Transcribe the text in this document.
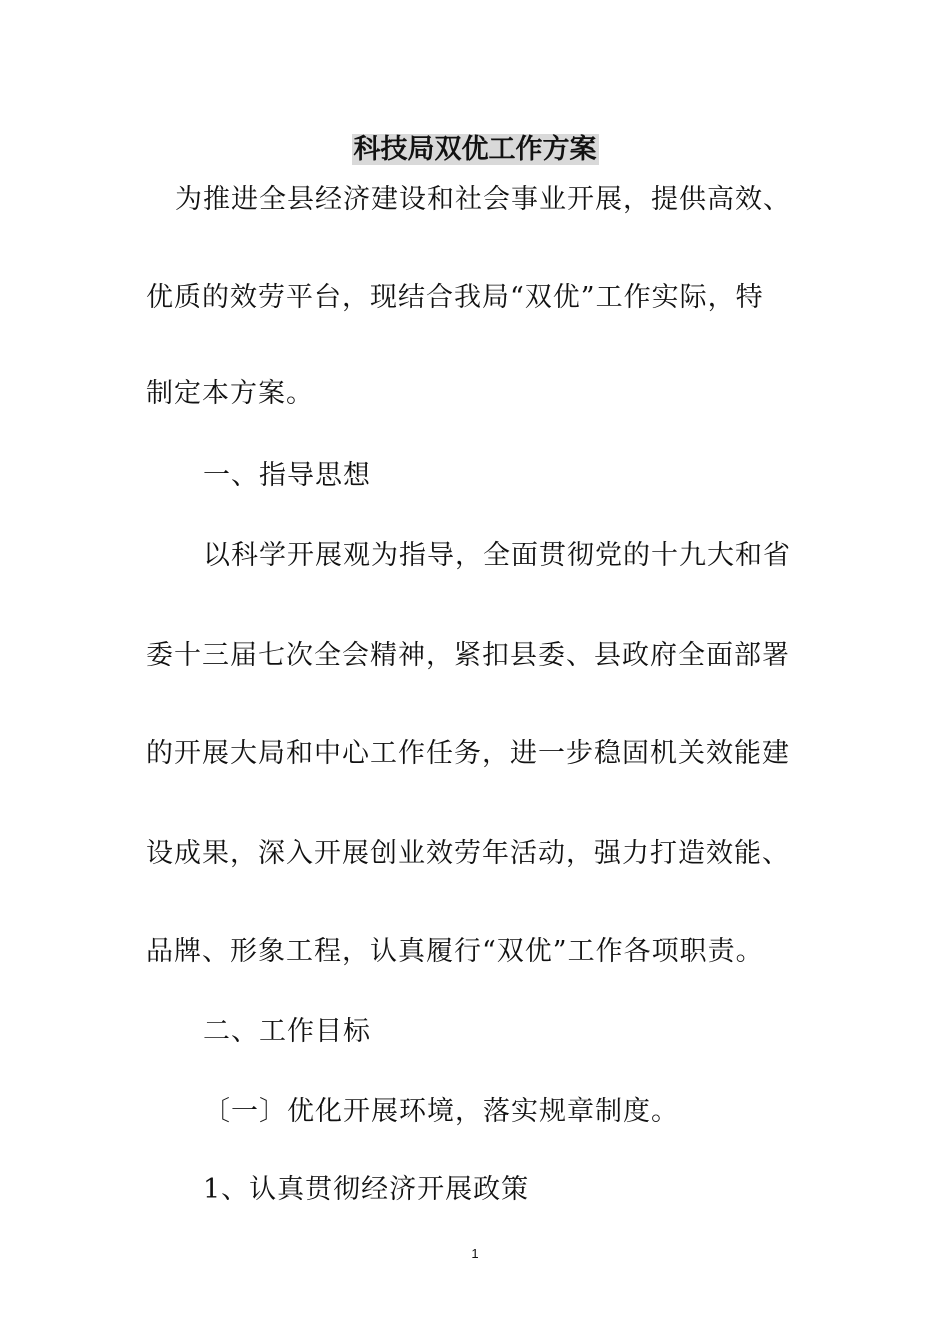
科技局双优工作方案
为推进全县经济建设和社会事业开展，提供高效、
优质的效劳平台，现结合我局“双优”工作实际，特
制定本方案。
一、指导思想
以科学开展观为指导，全面贯彻党的十九大和省
委十三届七次全会精神，紧扣县委、县政府全面部署
的开展大局和中心工作任务，进一步稳固机关效能建
设成果，深入开展创业效劳年活动，强力打造效能、
品牌、形象工程，认真履行“双优”工作各项职责。
二、工作目标
〔一〕优化开展环境，落实规章制度。
1、认真贯彻经济开展政策
1
